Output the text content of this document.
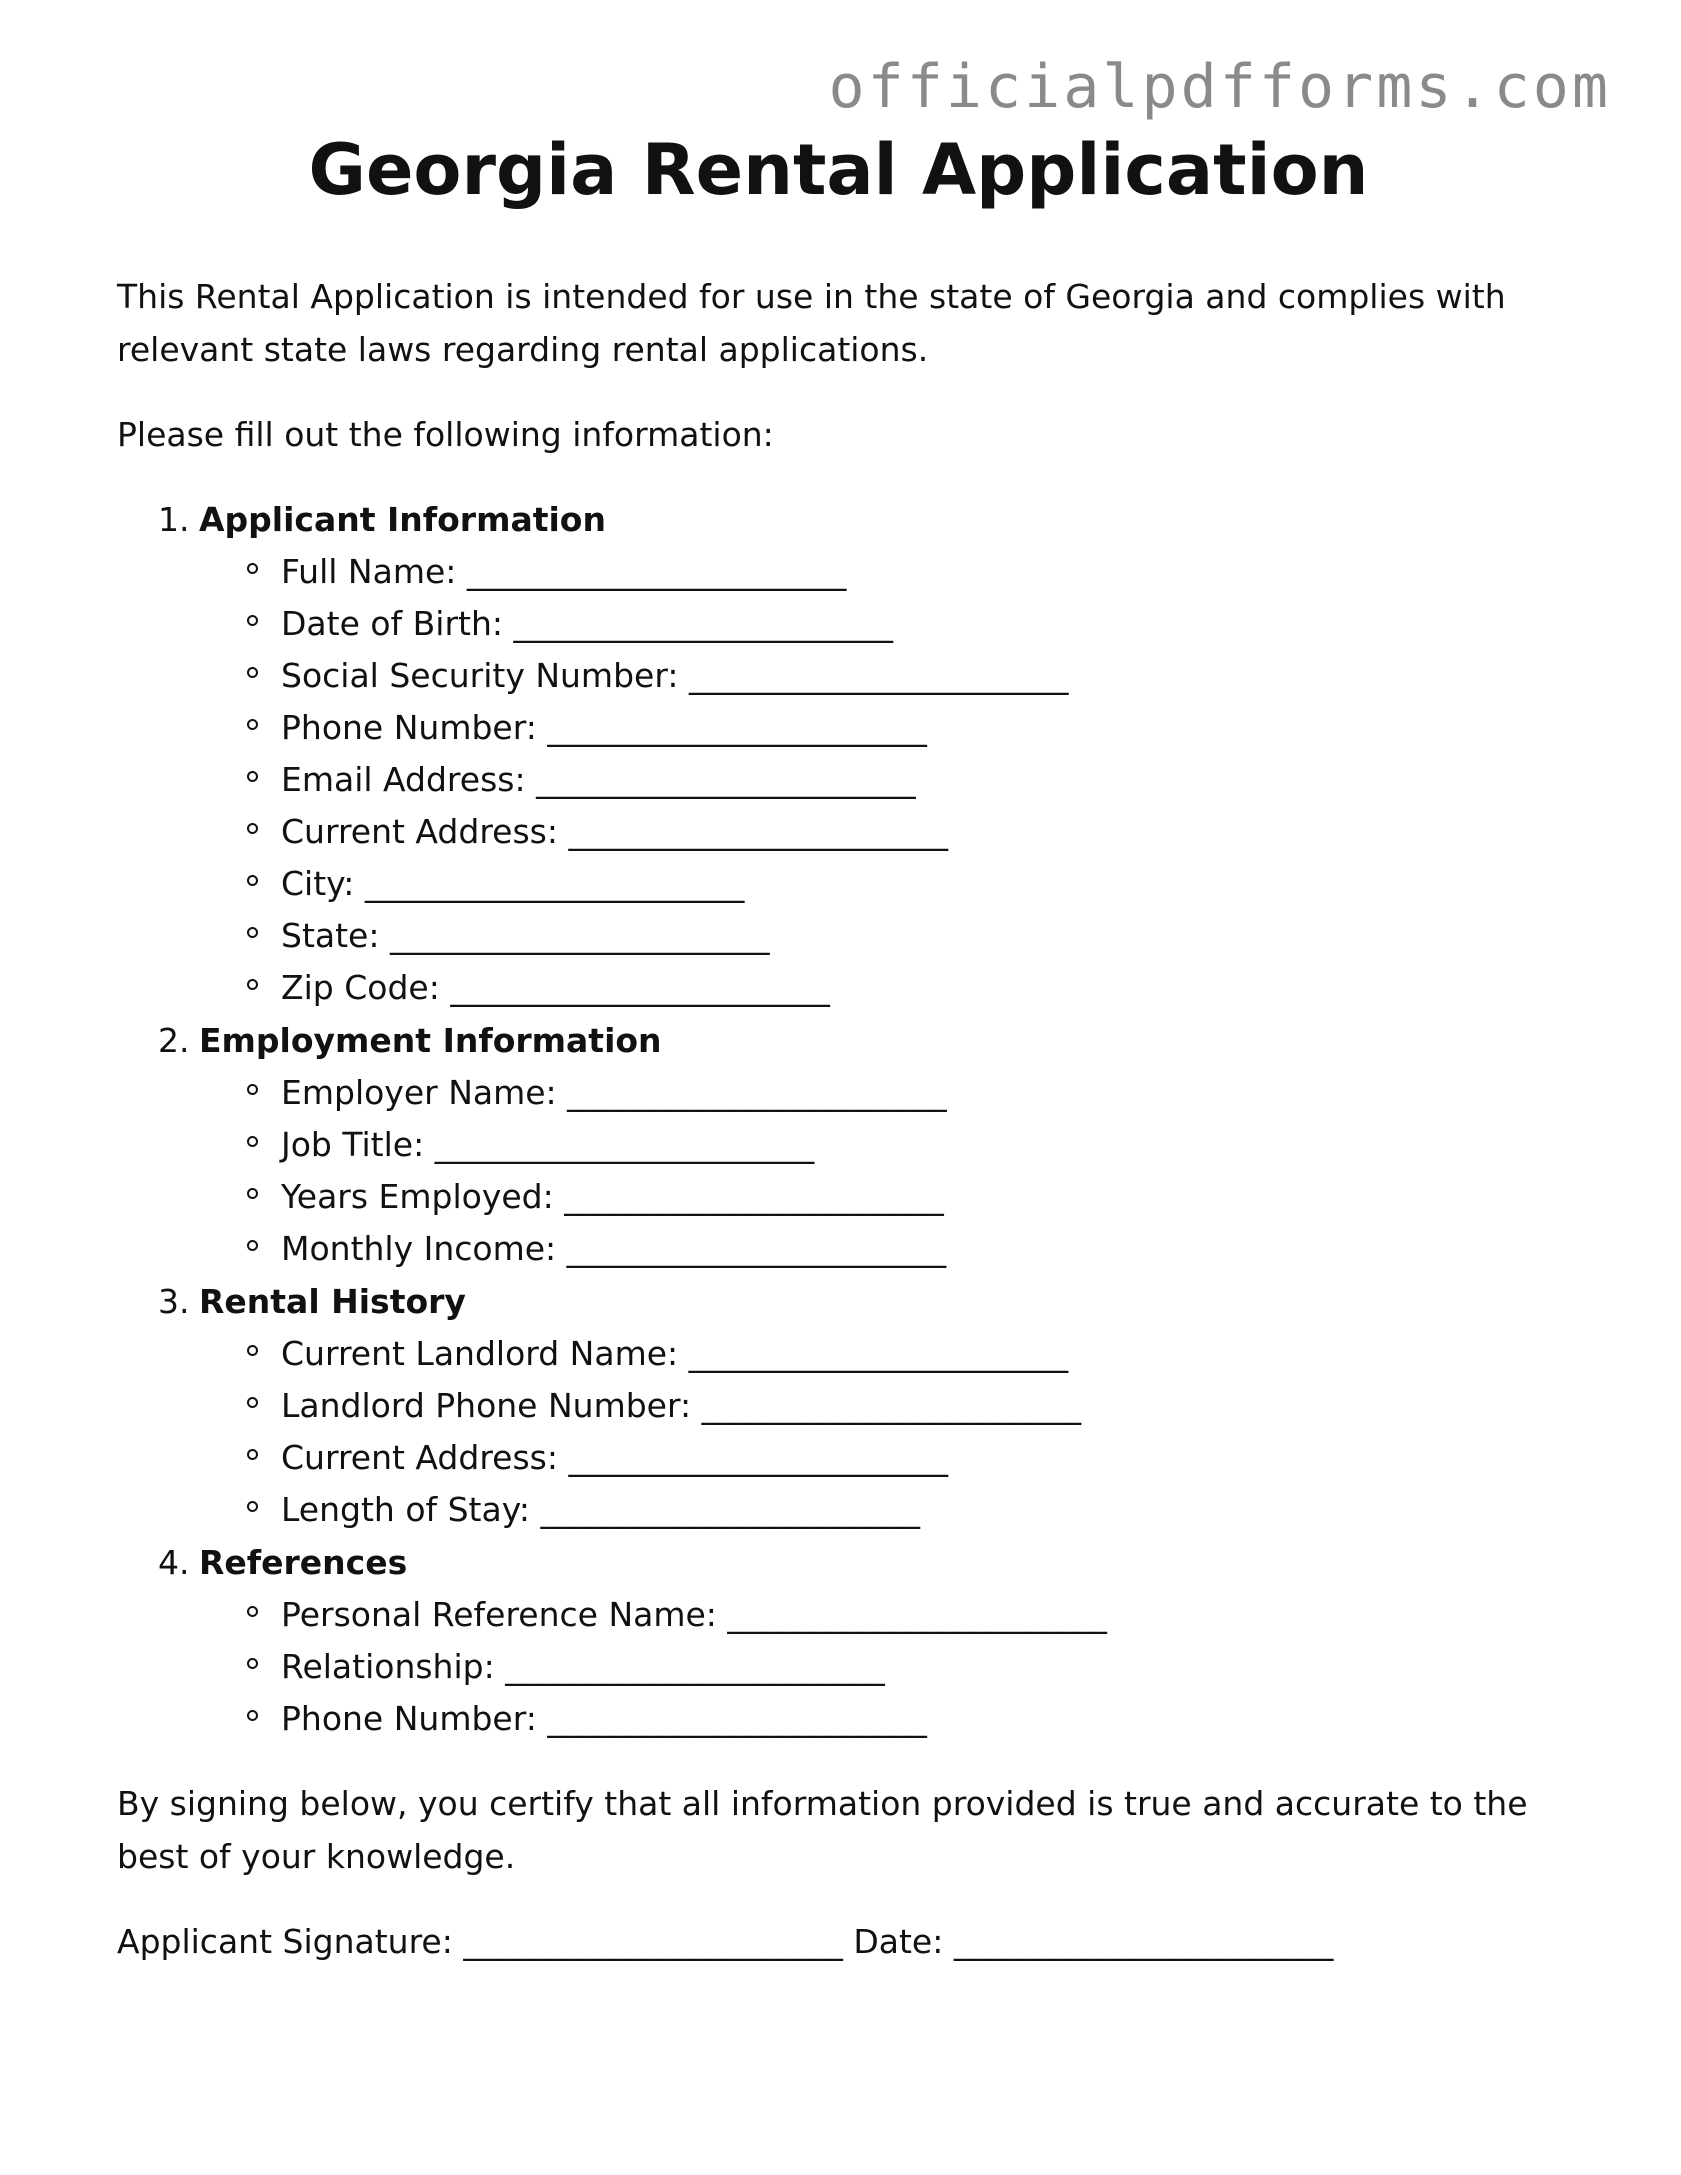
officialpdfforms.com
Georgia Rental Application

This Rental Application is intended for use in the state of Georgia and complies with relevant state laws regarding rental applications.

Please fill out the following information:

1. Applicant Information
Full Name: _______________________
Date of Birth: _______________________
Social Security Number: _______________________
Phone Number: _______________________
Email Address: _______________________
Current Address: _______________________
City: _______________________
State: _______________________
Zip Code: _______________________
2. Employment Information
Employer Name: _______________________
Job Title: _______________________
Years Employed: _______________________
Monthly Income: _______________________
3. Rental History
Current Landlord Name: _______________________
Landlord Phone Number: _______________________
Current Address: _______________________
Length of Stay: _______________________
4. References
Personal Reference Name: _______________________
Relationship: _______________________
Phone Number: _______________________

By signing below, you certify that all information provided is true and accurate to the best of your knowledge.

Applicant Signature: _______________________ Date: _______________________
